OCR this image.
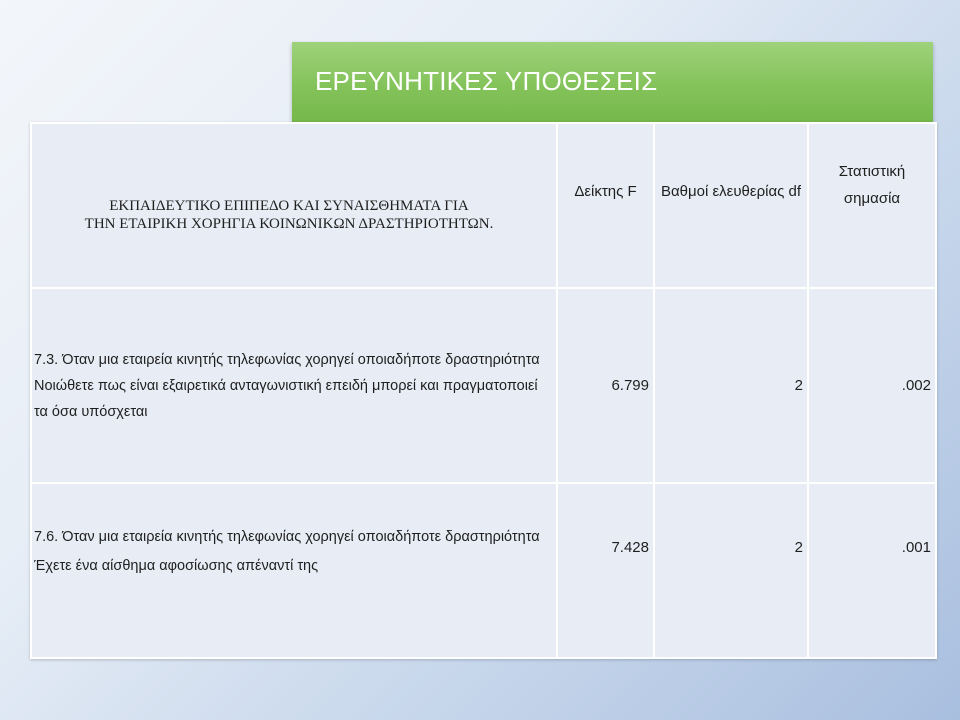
ΕΡΕΥΝΗΤΙΚΕΣ ΥΠΟΘΕΣΕΙΣ
ΕΚΠΑΙΔΕΥΤΙΚΟ ΕΠΙΠΕΔΟ ΚΑΙ ΣΥΝΑΙΣΘΗΜΑΤΑ ΓΙΑ
ΤΗΝ ΕΤΑΙΡΙΚΗ ΧΟΡΗΓΙΑ ΚΟΙΝΩΝΙΚΩΝ ΔΡΑΣΤΗΡΙΟΤΗΤΩΝ.	Δείκτης F	Βαθμοί ελευθερίας df	Στατιστική
σημασία

7.3. Όταν μια εταιρεία κινητής τηλεφωνίας χορηγεί οποιαδήποτε δραστηριότητα
Νοιώθετε πως είναι εξαιρετικά ανταγωνιστική επειδή μπορεί και πραγματοποιεί
τα όσα υπόσχεται	6.799	2	.002

7.6. Όταν μια εταιρεία κινητής τηλεφωνίας χορηγεί οποιαδήποτε δραστηριότητα
Έχετε ένα αίσθημα αφοσίωσης απέναντί της	7.428	2	.001
